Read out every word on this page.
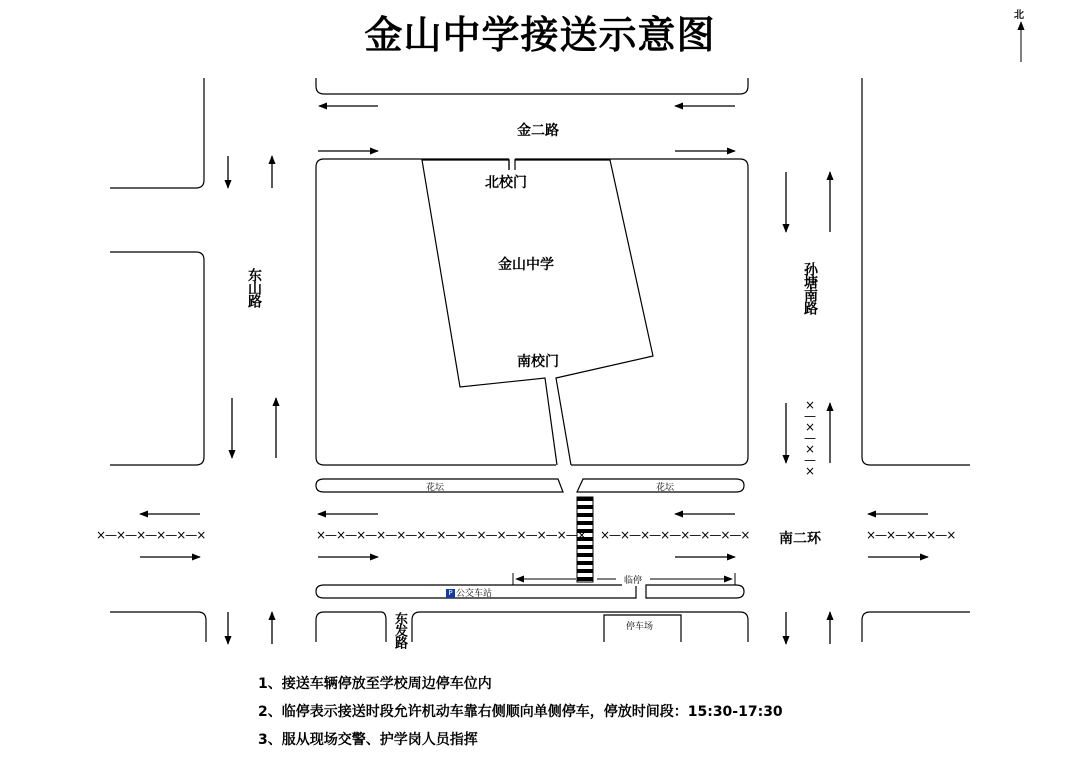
金山中学接送示意图	北
金二路
东山路	孙塘南路
南二环
东发路
北校门
金山中学
南校门
花坛	花坛
临停
P 公交车站
停车场
×—×—×—×—×—×	×—×—×—×—×—×—×—×—×—×—×—×—×—× ×—×—×—×—×—×—×—×	×—×—×—×—×
×—×—×—×
1、接送车辆停放至学校周边停车位内
2、临停表示接送时段允许机动车靠右侧顺向单侧停车，停放时间段：15:30-17:30
3、服从现场交警、护学岗人员指挥
